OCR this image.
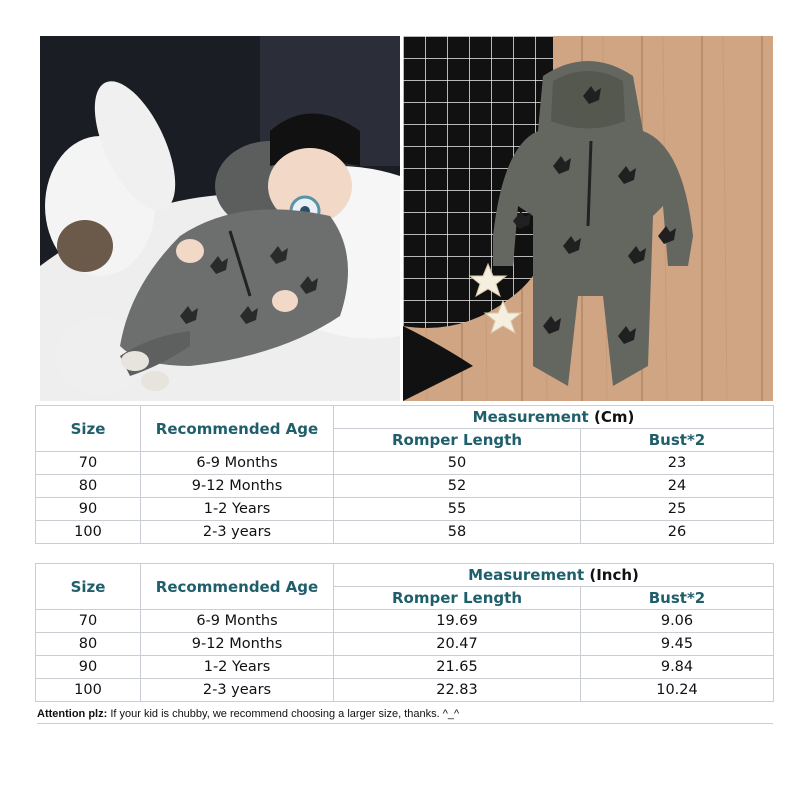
Size	Recommended Age	Measurement (Cm)	
		Romper Length	Bust*2
70	6-9 Months	50	23
80	9-12 Months	52	24
90	1-2 Years	55	25
100	2-3 years	58	26
Size	Recommended Age	Measurement (Inch)	
		Romper Length	Bust*2
70	6-9 Months	19.69	9.06
80	9-12 Months	20.47	9.45
90	1-2 Years	21.65	9.84
100	2-3 years	22.83	10.24
Attention plz: If your kid is chubby, we recommend choosing a larger size, thanks. ^_^
